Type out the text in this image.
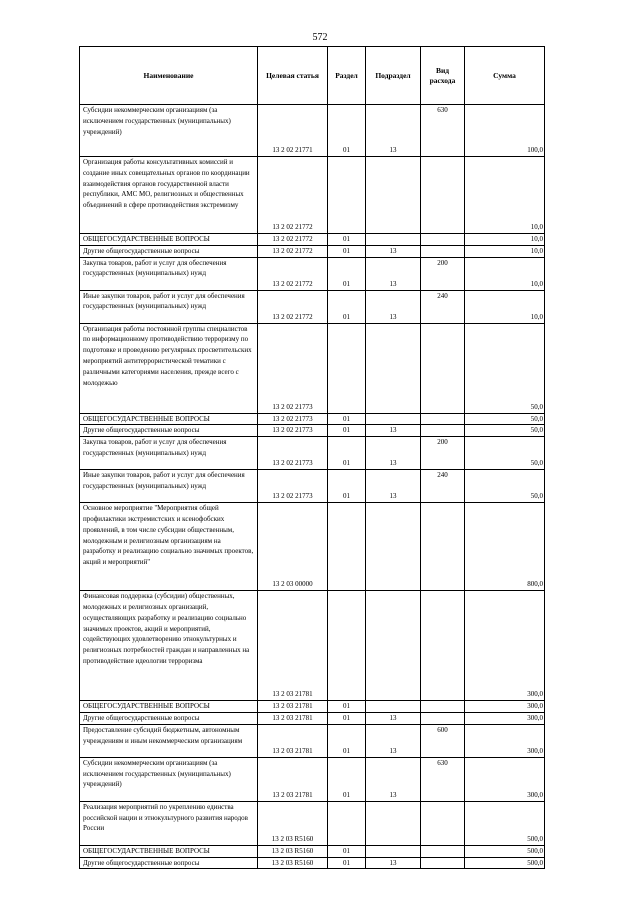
572
Наименование	Целевая статья	Раздел	Подраздел	Вид расхода	Сумма
Субсидии некоммерческим организациям (за исключением государственных (муниципальных) учреждений)	13 2 02 21771	01	13	630	100,0
Организация работы консультативных комиссий и создание иных совещательных органов по координации взаимодействия органов государственной власти республики, АМС МО, религиозных и общественных объединений в сфере противодействия экстремизму	13 2 02 21772				10,0
ОБЩЕГОСУДАРСТВЕННЫЕ ВОПРОСЫ	13 2 02 21772	01			10,0
Другие общегосударственные вопросы	13 2 02 21772	01	13		10,0
Закупка товаров, работ и услуг для обеспечения государственных (муниципальных) нужд	13 2 02 21772	01	13	200	10,0
Иные закупки товаров, работ и услуг для обеспечения государственных (муниципальных) нужд	13 2 02 21772	01	13	240	10,0
Организация работы постоянной группы специалистов по информационному противодействию терроризму по подготовке и проведению регулярных просветительских мероприятий антитеррористической тематики с различными категориями населения, прежде всего с молодежью	13 2 02 21773				50,0
ОБЩЕГОСУДАРСТВЕННЫЕ ВОПРОСЫ	13 2 02 21773	01			50,0
Другие общегосударственные вопросы	13 2 02 21773	01	13		50,0
Закупка товаров, работ и услуг для обеспечения государственных (муниципальных) нужд	13 2 02 21773	01	13	200	50,0
Иные закупки товаров, работ и услуг для обеспечения государственных (муниципальных) нужд	13 2 02 21773	01	13	240	50,0
Основное мероприятие "Мероприятия общей профилактики экстремистских и ксенофобских проявлений, в том числе субсидии общественным, молодежным и религиозным организациям на разработку и реализацию социально значимых проектов, акций и мероприятий"	13 2 03 00000				800,0
Финансовая поддержка (субсидии) общественных, молодежных и религиозных организаций, осуществляющих разработку и реализацию социально значимых проектов, акций и мероприятий, содействующих удовлетворению этнокультурных и религиозных потребностей граждан и направленных на противодействие идеологии терроризма	13 2 03 21781				300,0
ОБЩЕГОСУДАРСТВЕННЫЕ ВОПРОСЫ	13 2 03 21781	01			300,0
Другие общегосударственные вопросы	13 2 03 21781	01	13		300,0
Предоставление субсидий бюджетным, автономным учреждениям и иным некоммерческим организациям	13 2 03 21781	01	13	600	300,0
Субсидии некоммерческим организациям (за исключением государственных (муниципальных) учреждений)	13 2 03 21781	01	13	630	300,0
Реализация мероприятий по укреплению единства российской нации и этнокультурного развития народов России	13 2 03 R5160				500,0
ОБЩЕГОСУДАРСТВЕННЫЕ ВОПРОСЫ	13 2 03 R5160	01			500,0
Другие общегосударственные вопросы	13 2 03 R5160	01	13		500,0
